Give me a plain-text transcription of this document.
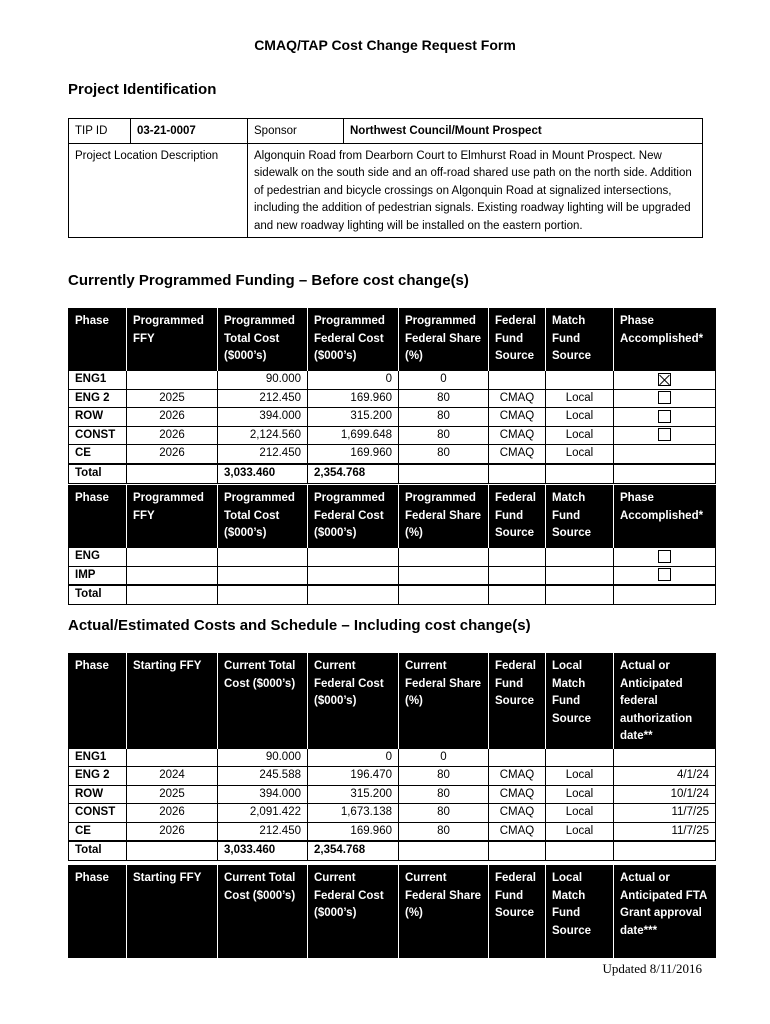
CMAQ/TAP Cost Change Request Form
Project Identification
TIP ID	03-21-0007	Sponsor	Northwest Council/Mount Prospect
Project Location Description		Algonquin Road from Dearborn Court to Elmhurst Road in Mount Prospect. New sidewalk on the south side and an off-road shared use path on the north side. Addition of pedestrian and bicycle crossings on Algonquin Road at signalized intersections, including the addition of pedestrian signals. Existing roadway lighting will be upgraded and new roadway lighting will be installed on the eastern portion.	
Currently Programmed Funding – Before cost change(s)
Phase	Programmed FFY	Programmed Total Cost ($000’s)	Programmed Federal Cost ($000’s)	Programmed Federal Share (%)	Federal Fund Source	Match Fund Source	Phase Accomplished*
ENG1		90.000	0	0			
ENG 2	2025	212.450	169.960	80	CMAQ	Local	
ROW	2026	394.000	315.200	80	CMAQ	Local	
CONST	2026	2,124.560	1,699.648	80	CMAQ	Local	
CE	2026	212.450	169.960	80	CMAQ	Local	
Total		3,033.460	2,354.768				
Phase	Programmed FFY	Programmed Total Cost ($000’s)	Programmed Federal Cost ($000’s)	Programmed Federal Share (%)	Federal Fund Source	Match Fund Source	Phase Accomplished*
ENG							
IMP							
Total							
Actual/Estimated Costs and Schedule – Including cost change(s)
Phase	Starting FFY	Current Total Cost ($000’s)	Current Federal Cost ($000’s)	Current Federal Share (%)	Federal Fund Source	Local Match Fund Source	Actual or Anticipated federal authorization date**
ENG1		90.000	0	0			
ENG 2	2024	245.588	196.470	80	CMAQ	Local	4/1/24
ROW	2025	394.000	315.200	80	CMAQ	Local	10/1/24
CONST	2026	2,091.422	1,673.138	80	CMAQ	Local	11/7/25
CE	2026	212.450	169.960	80	CMAQ	Local	11/7/25
Total		3,033.460	2,354.768				
Phase	Starting FFY	Current Total Cost ($000’s)	Current Federal Cost ($000’s)	Current Federal Share (%)	Federal Fund Source	Local Match Fund Source	Actual or Anticipated FTA Grant approval date***
Updated 8/11/2016
